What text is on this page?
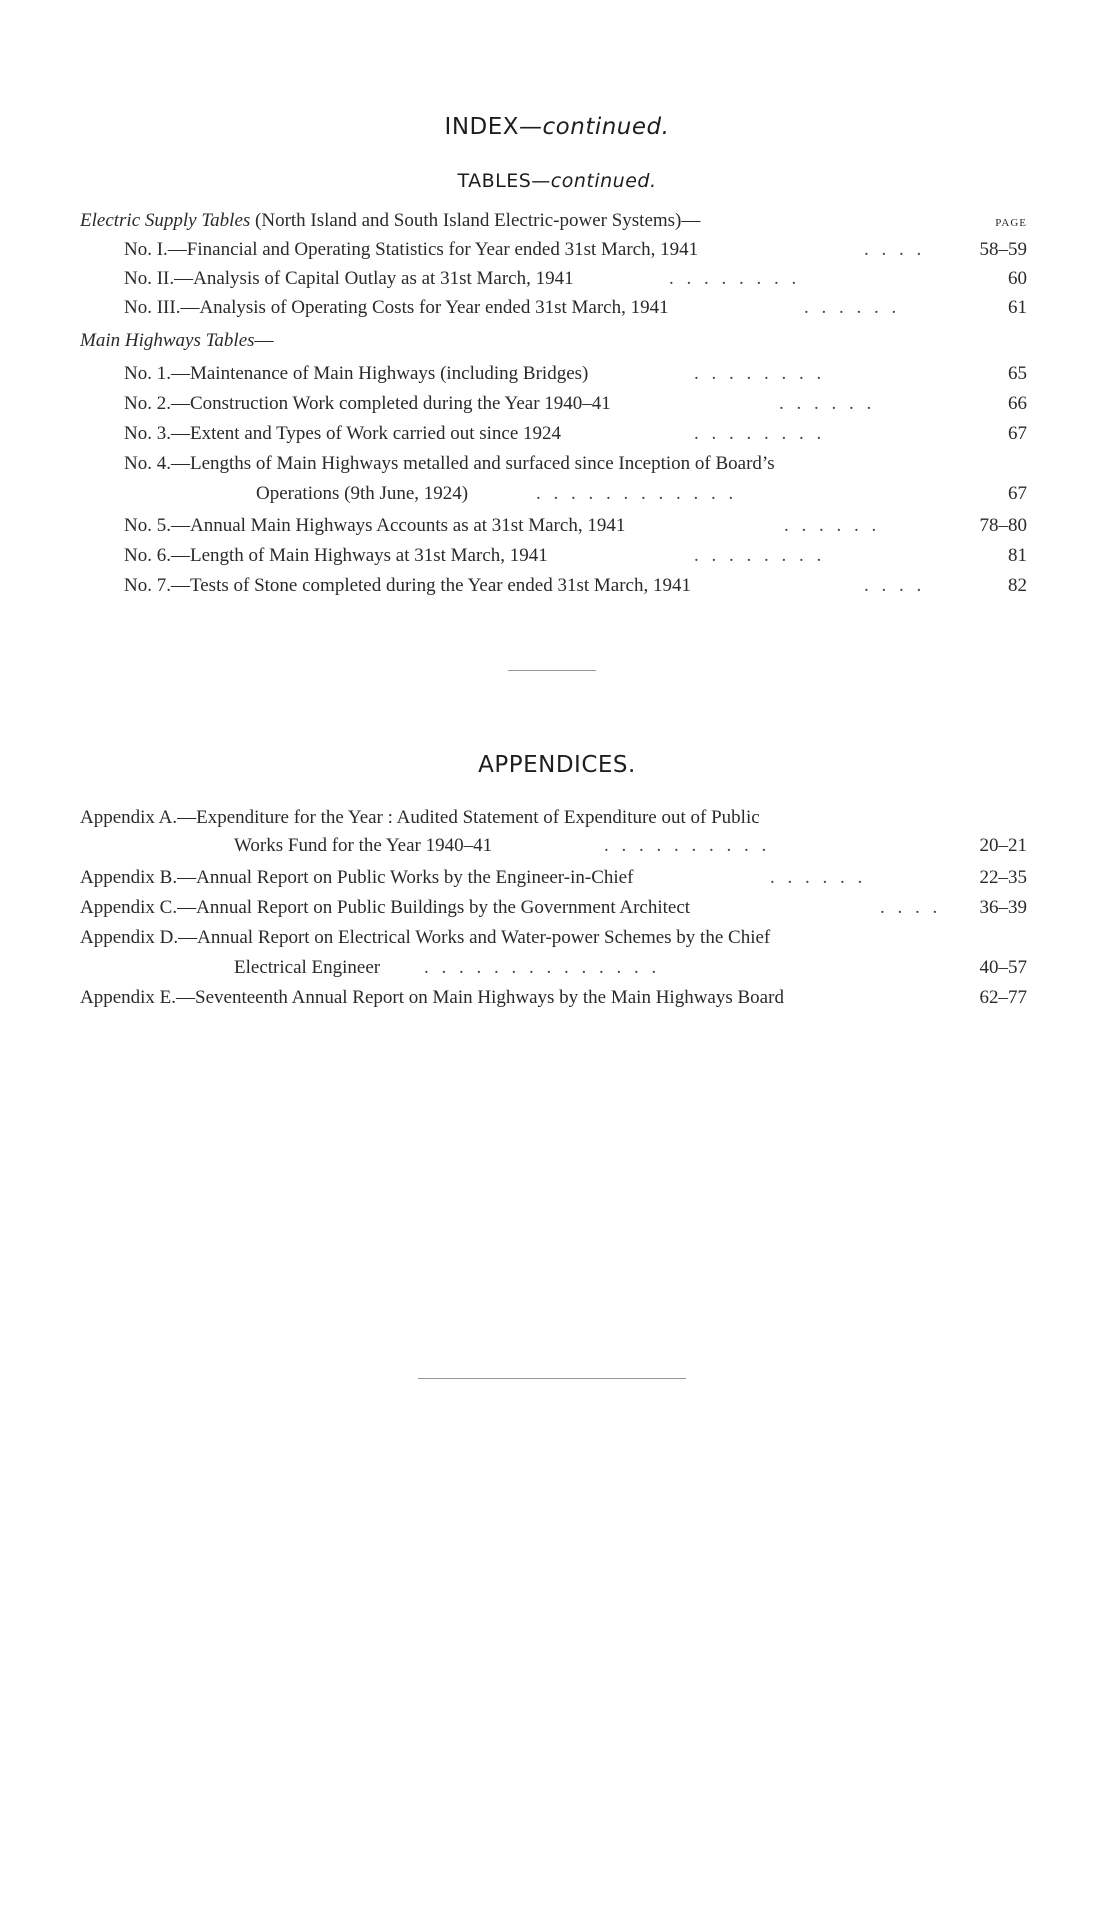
INDEX—continued.
TABLES—continued.
Electric Supply Tables (North Island and South Island Electric-power Systems)—	PAGE
No. I.—Financial and Operating Statistics for Year ended 31st March, 1941	. . . .	58–59
No. II.—Analysis of Capital Outlay as at 31st March, 1941	. . . . . . . .	60
No. III.—Analysis of Operating Costs for Year ended 31st March, 1941	. . . . . .	61
Main Highways Tables—
No. 1.—Maintenance of Main Highways (including Bridges)	. . . . . . . .	65
No. 2.—Construction Work completed during the Year 1940–41	. . . . . .	66
No. 3.—Extent and Types of Work carried out since 1924	. . . . . . . .	67
No. 4.—Lengths of Main Highways metalled and surfaced since Inception of Board’s
Operations (9th June, 1924)	. . . . . . . . . . . .	67
No. 5.—Annual Main Highways Accounts as at 31st March, 1941	. . . . . .	78–80
No. 6.—Length of Main Highways at 31st March, 1941	. . . . . . . .	81
No. 7.—Tests of Stone completed during the Year ended 31st March, 1941	. . . .	82
APPENDICES.
Appendix A.—Expenditure for the Year : Audited Statement of Expenditure out of Public
Works Fund for the Year 1940–41	. . . . . . . . . .	20–21
Appendix B.—Annual Report on Public Works by the Engineer-in-Chief	. . . . . .	22–35
Appendix C.—Annual Report on Public Buildings by the Government Architect	. . . . 36–39
Appendix D.—Annual Report on Electrical Works and Water-power Schemes by the Chief
Electrical Engineer . . . . . . . . . . . . . .	40–57
Appendix E.—Seventeenth Annual Report on Main Highways by the Main Highways Board	62–77
